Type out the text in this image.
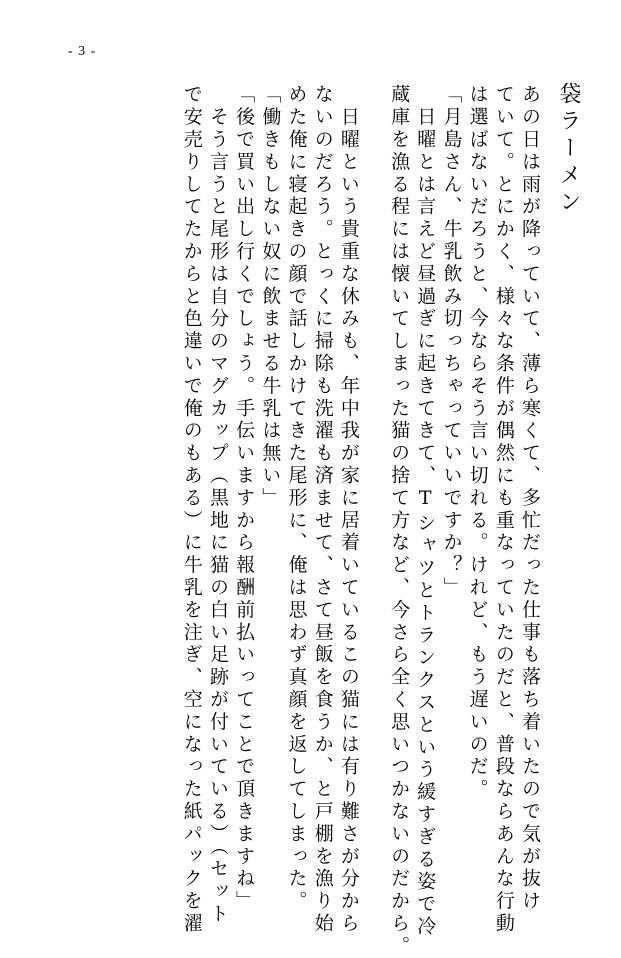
- 3 -
袋ラーメン
あの日は雨が降っていて、薄ら寒くて、多忙だった仕事も落ち着いたので気が抜け
ていて。とにかく、様々な条件が偶然にも重なっていたのだと、普段ならあんな行動
は選ばないだろうと、今ならそう言い切れる。けれど、もう遅いのだ。
「月島さん、牛乳飲み切っちゃっていいですか？」
　日曜とは言えど昼過ぎに起きてきて、Tシャツとトランクスという緩すぎる姿で冷
蔵庫を漁る程には懐いてしまった猫の捨て方など、今さら全く思いつかないのだから。
　日曜という貴重な休みも、年中我が家に居着いているこの猫には有り難さが分から
ないのだろう。とっくに掃除も洗濯も済ませて、さて昼飯を食うか、と戸棚を漁り始
めた俺に寝起きの顔で話しかけてきた尾形に、俺は思わず真顔を返してしまった。
「働きもしない奴に飲ませる牛乳は無い」
「後で買い出し行くでしょう。手伝いますから報酬前払いってことで頂きますね」
　そう言うと尾形は自分のマグカップ（黒地に猫の白い足跡が付いている）（セット
で安売りしてたからと色違いで俺のもある）に牛乳を注ぎ、空になった紙パックを濯
